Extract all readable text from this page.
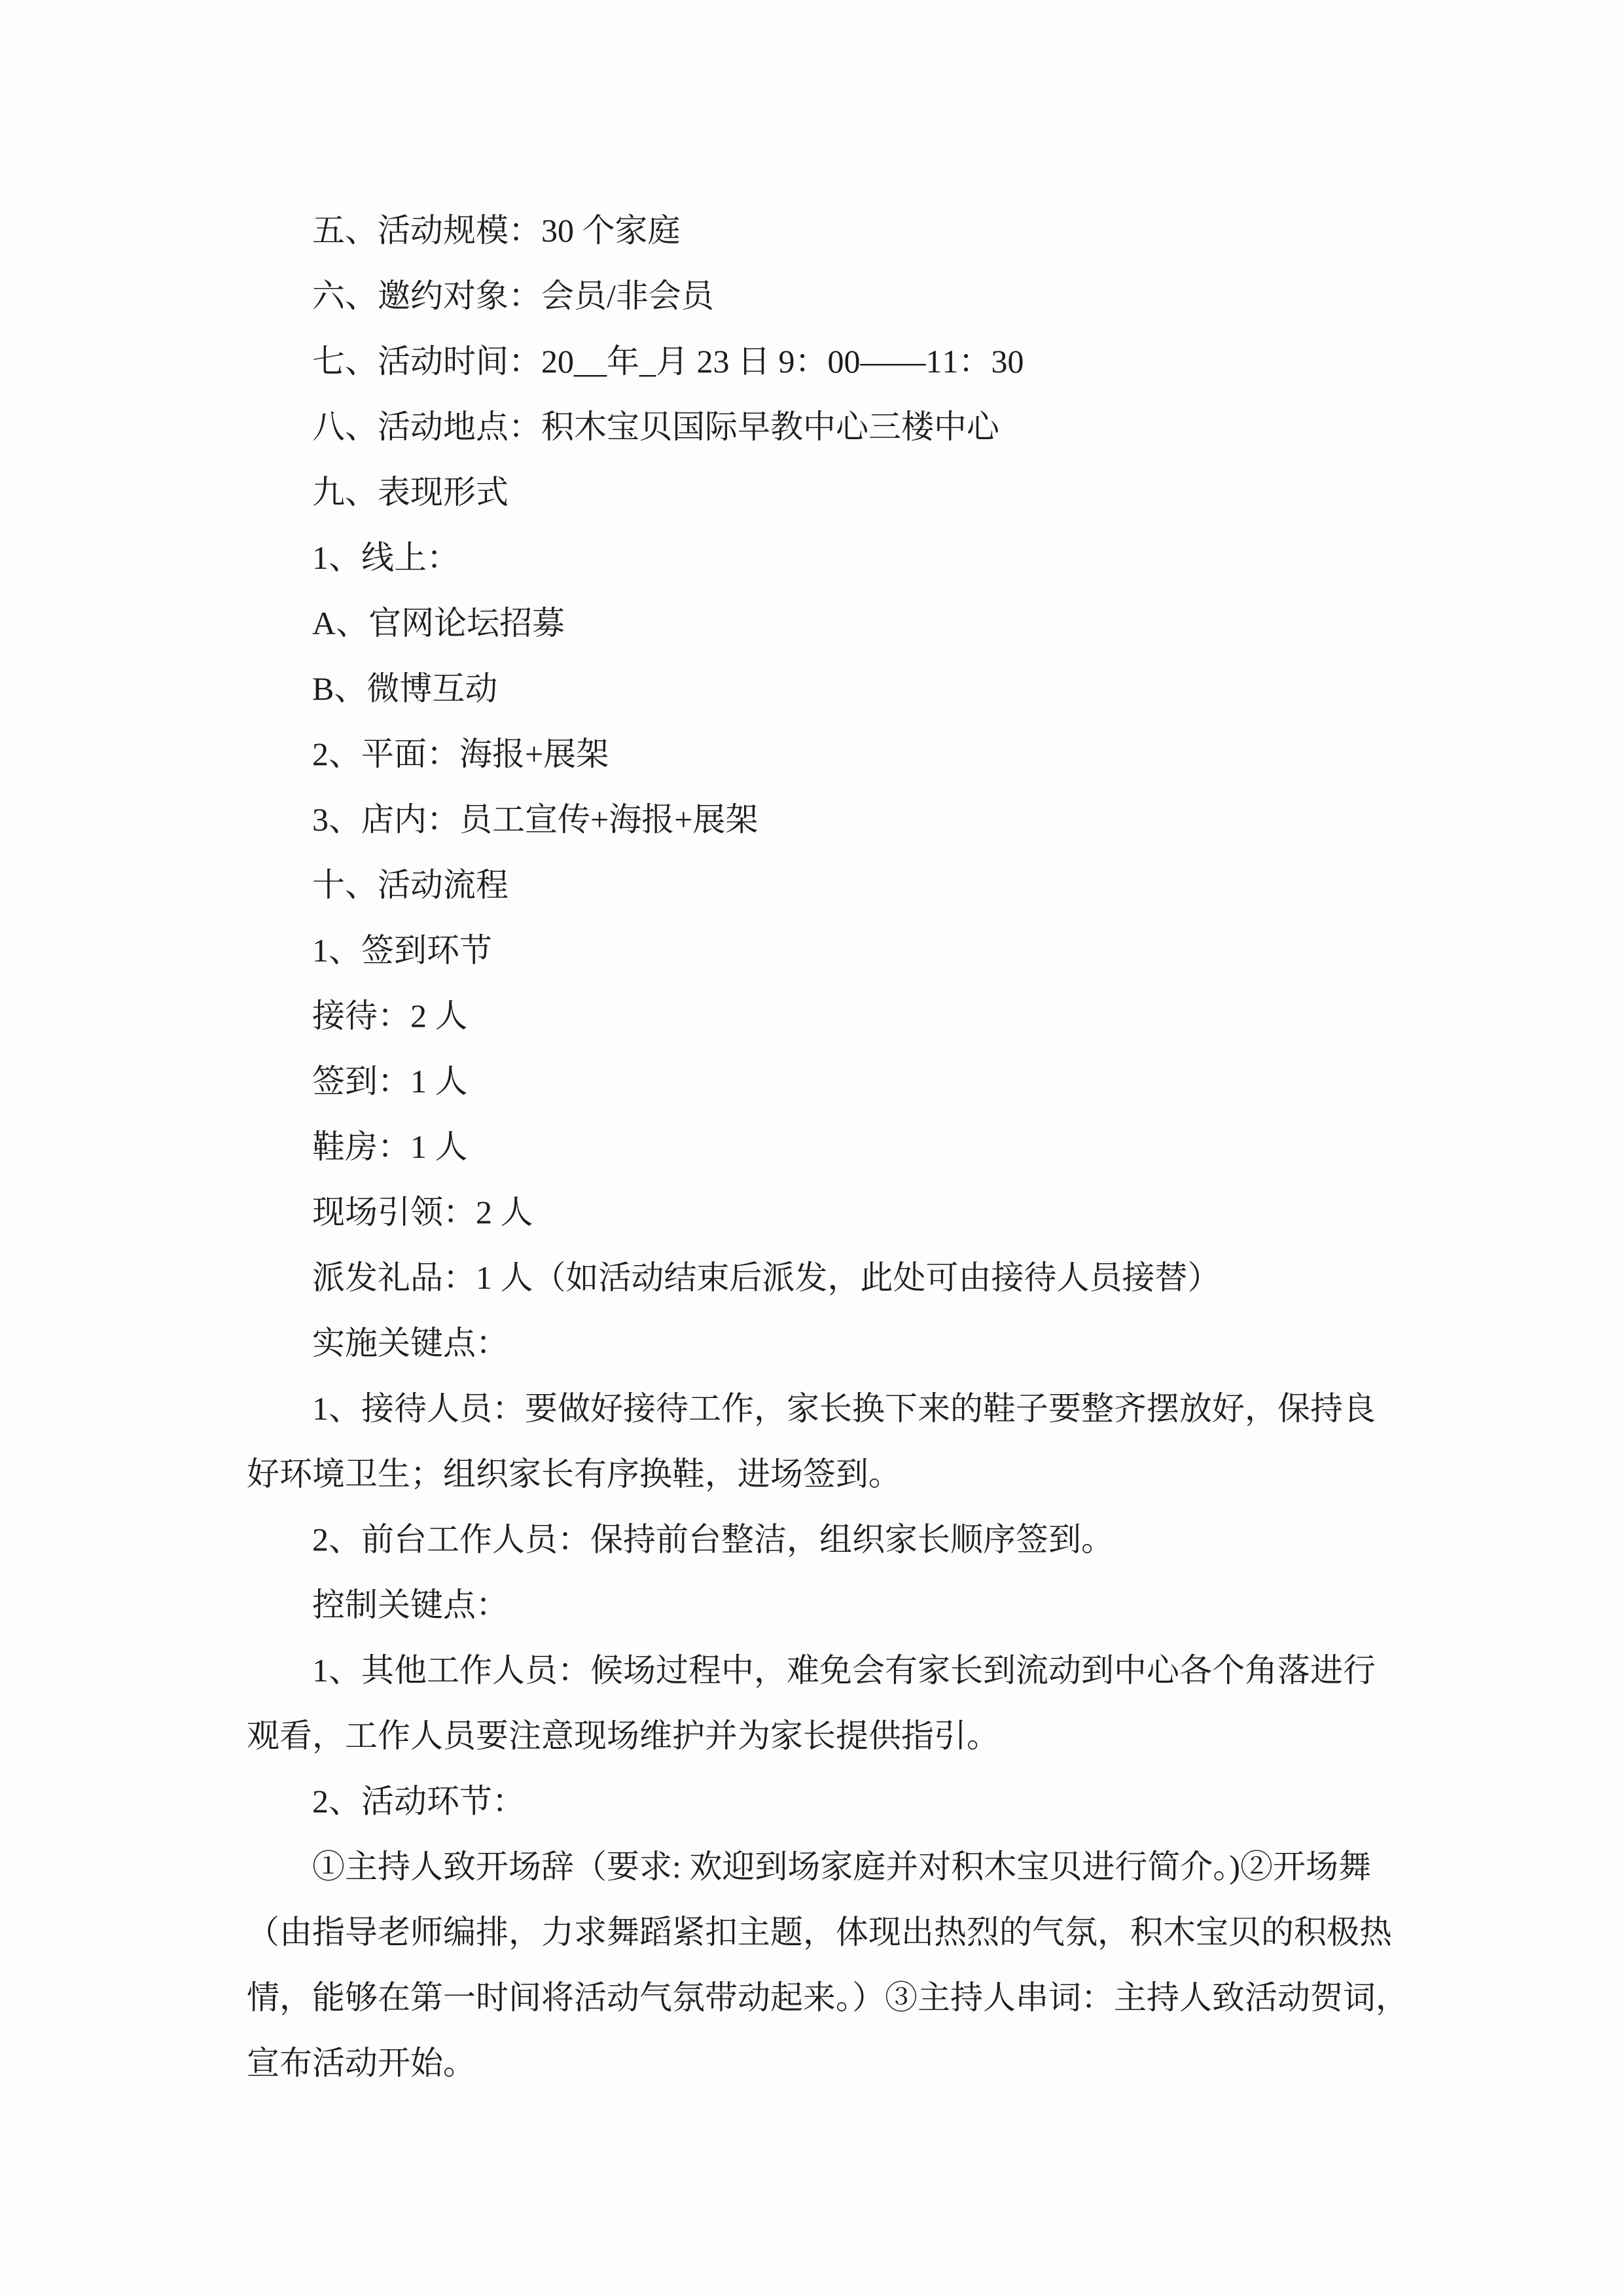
五、活动规模：30 个家庭
六、邀约对象：会员/非会员
七、活动时间：20__年_月 23 日 9：00——11：30
八、活动地点：积木宝贝国际早教中心三楼中心
九、表现形式
1、线上：
A、官网论坛招募
B、微博互动
2、平面：海报+展架
3、店内：员工宣传+海报+展架
十、活动流程
1、签到环节
接待：2 人
签到：1 人
鞋房：1 人
现场引领：2 人
派发礼品：1 人（如活动结束后派发，此处可由接待人员接替）
实施关键点：
1、接待人员：要做好接待工作，家长换下来的鞋子要整齐摆放好，保持良
好环境卫生；组织家长有序换鞋，进场签到。
2、前台工作人员：保持前台整洁，组织家长顺序签到。
控制关键点：
1、其他工作人员：候场过程中，难免会有家长到流动到中心各个角落进行
观看，工作人员要注意现场维护并为家长提供指引。
2、活动环节：
①主持人致开场辞（要求: 欢迎到场家庭并对积木宝贝进行简介。)②开场舞
（由指导老师编排，力求舞蹈紧扣主题，体现出热烈的气氛，积木宝贝的积极热
情，能够在第一时间将活动气氛带动起来。）③主持人串词：主持人致活动贺词，
宣布活动开始。
